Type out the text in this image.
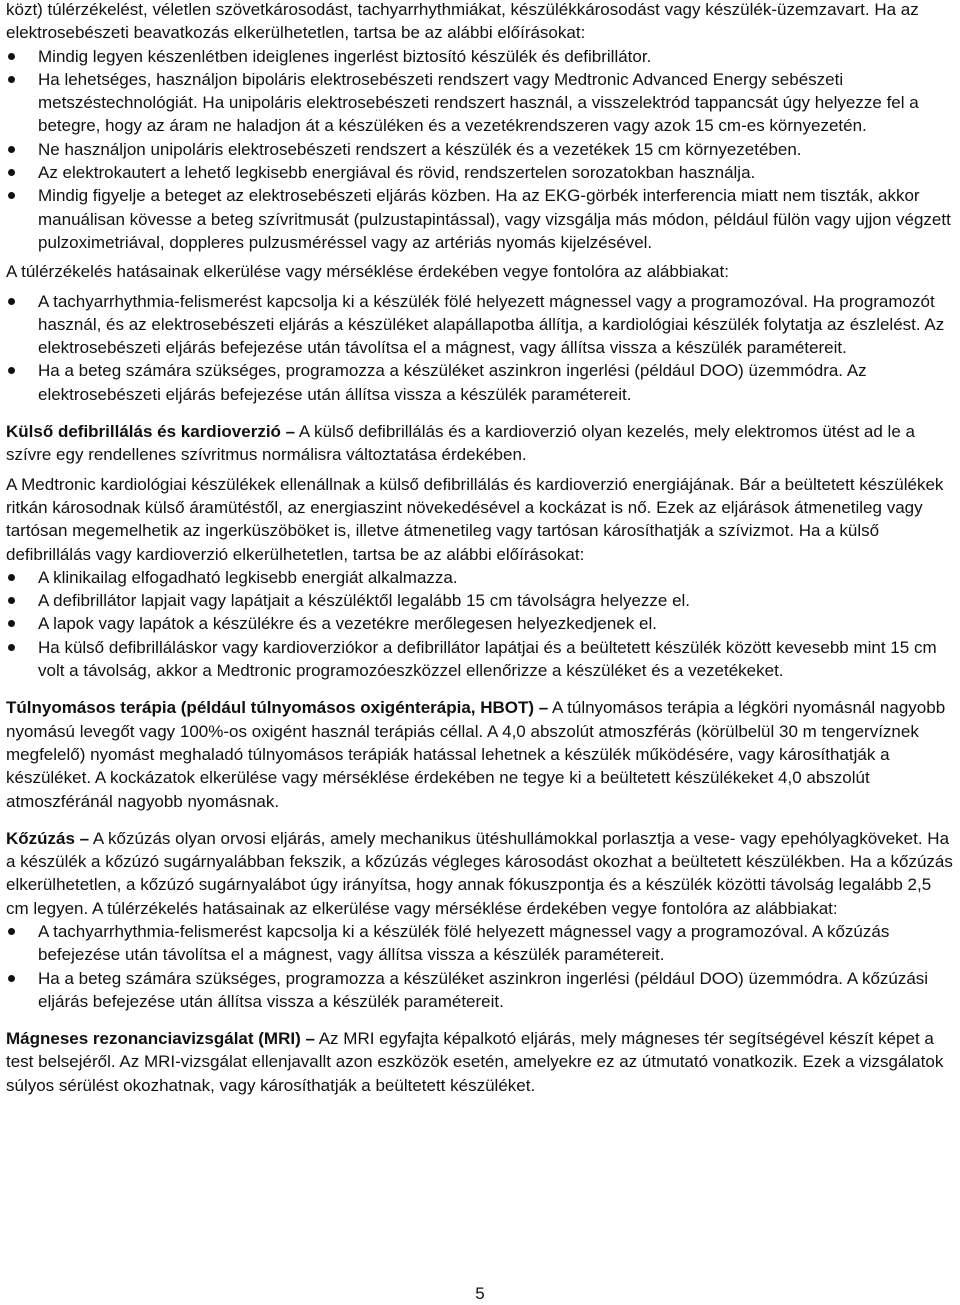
közt) túlérzékelést, véletlen szövetkárosodást, tachyarrhythmiákat, készülékkárosodást vagy készülék-üzemzavart. Ha az elektrosebészeti beavatkozás elkerülhetetlen, tartsa be az alábbi előírásokat:

Mindig legyen készenlétben ideiglenes ingerlést biztosító készülék és defibrillátor.
Ha lehetséges, használjon bipoláris elektrosebészeti rendszert vagy Medtronic Advanced Energy sebészeti metszéstechnológiát. Ha unipoláris elektrosebészeti rendszert használ, a visszelektród tappancsát úgy helyezze fel a betegre, hogy az áram ne haladjon át a készüléken és a vezetékrendszeren vagy azok 15 cm-es környezetén.
Ne használjon unipoláris elektrosebészeti rendszert a készülék és a vezetékek 15 cm környezetében.
Az elektrokautert a lehető legkisebb energiával és rövid, rendszertelen sorozatokban használja.
Mindig figyelje a beteget az elektrosebészeti eljárás közben. Ha az EKG-görbék interferencia miatt nem tiszták, akkor manuálisan kövesse a beteg szívritmusát (pulzustapintással), vagy vizsgálja más módon, például fülön vagy ujjon végzett pulzoximetriával, doppleres pulzusméréssel vagy az artériás nyomás kijelzésével.

A túlérzékelés hatásainak elkerülése vagy mérséklése érdekében vegye fontolóra az alábbiakat:

A tachyarrhythmia-felismerést kapcsolja ki a készülék fölé helyezett mágnessel vagy a programozóval. Ha programozót használ, és az elektrosebészeti eljárás a készüléket alapállapotba állítja, a kardiológiai készülék folytatja az észlelést. Az elektrosebészeti eljárás befejezése után távolítsa el a mágnest, vagy állítsa vissza a készülék paramétereit.
Ha a beteg számára szükséges, programozza a készüléket aszinkron ingerlési (például DOO) üzemmódra. Az elektrosebészeti eljárás befejezése után állítsa vissza a készülék paramétereit.

Külső defibrillálás és kardioverzió – A külső defibrillálás és a kardioverzió olyan kezelés, mely elektromos ütést ad le a szívre egy rendellenes szívritmus normálisra változtatása érdekében.

A Medtronic kardiológiai készülékek ellenállnak a külső defibrillálás és kardioverzió energiájának. Bár a beültetett készülékek ritkán károsodnak külső áramütéstől, az energiaszint növekedésével a kockázat is nő. Ezek az eljárások átmenetileg vagy tartósan megemelhetik az ingerküszöböket is, illetve átmenetileg vagy tartósan károsíthatják a szívizmot. Ha a külső defibrillálás vagy kardioverzió elkerülhetetlen, tartsa be az alábbi előírásokat:

A klinikailag elfogadható legkisebb energiát alkalmazza.
A defibrillátor lapjait vagy lapátjait a készüléktől legalább 15 cm távolságra helyezze el.
A lapok vagy lapátok a készülékre és a vezetékre merőlegesen helyezkedjenek el.
Ha külső defibrilláláskor vagy kardioverziókor a defibrillátor lapátjai és a beültetett készülék között kevesebb mint 15 cm volt a távolság, akkor a Medtronic programozóeszközzel ellenőrizze a készüléket és a vezetékeket.

Túlnyomásos terápia (például túlnyomásos oxigénterápia, HBOT) – A túlnyomásos terápia a légköri nyomásnál nagyobb nyomású levegőt vagy 100%-os oxigént használ terápiás céllal. A 4,0 abszolút atmoszférás (körülbelül 30 m tengervíznek megfelelő) nyomást meghaladó túlnyomásos terápiák hatással lehetnek a készülék működésére, vagy károsíthatják a készüléket. A kockázatok elkerülése vagy mérséklése érdekében ne tegye ki a beültetett készülékeket 4,0 abszolút atmoszféránál nagyobb nyomásnak.

Kőzúzás – A kőzúzás olyan orvosi eljárás, amely mechanikus ütéshullámokkal porlasztja a vese- vagy epehólyagköveket. Ha a készülék a kőzúzó sugárnyalábban fekszik, a kőzúzás végleges károsodást okozhat a beültetett készülékben. Ha a kőzúzás elkerülhetetlen, a kőzúzó sugárnyalábot úgy irányítsa, hogy annak fókuszpontja és a készülék közötti távolság legalább 2,5 cm legyen. A túlérzékelés hatásainak az elkerülése vagy mérséklése érdekében vegye fontolóra az alábbiakat:

A tachyarrhythmia-felismerést kapcsolja ki a készülék fölé helyezett mágnessel vagy a programozóval. A kőzúzás befejezése után távolítsa el a mágnest, vagy állítsa vissza a készülék paramétereit.
Ha a beteg számára szükséges, programozza a készüléket aszinkron ingerlési (például DOO) üzemmódra. A kőzúzási eljárás befejezése után állítsa vissza a készülék paramétereit.

Mágneses rezonanciavizsgálat (MRI) – Az MRI egyfajta képalkotó eljárás, mely mágneses tér segítségével készít képet a test belsejéről. Az MRI-vizsgálat ellenjavallt azon eszközök esetén, amelyekre ez az útmutató vonatkozik. Ezek a vizsgálatok súlyos sérülést okozhatnak, vagy károsíthatják a beültetett készüléket.

5
